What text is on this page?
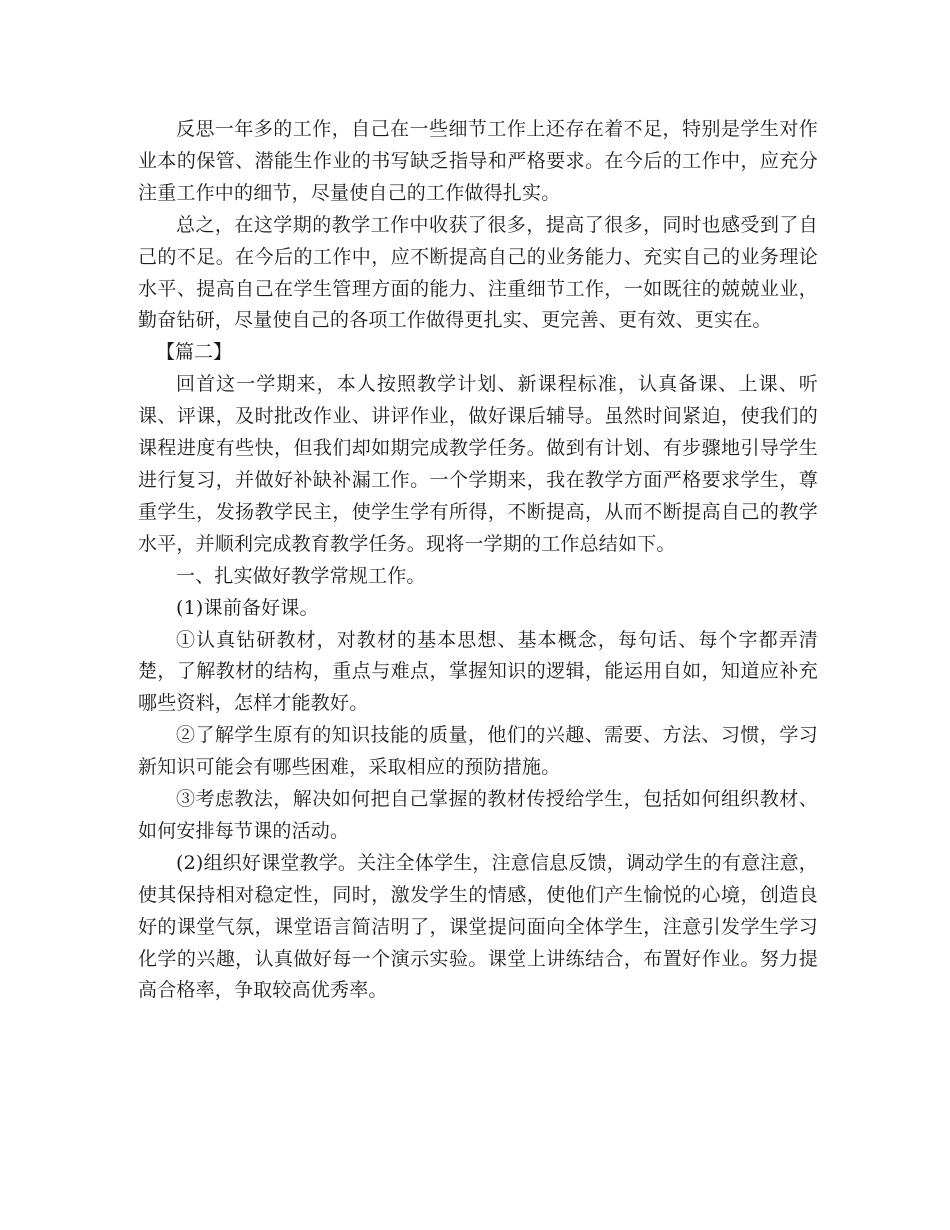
反思一年多的工作，自己在一些细节工作上还存在着不足，特别是学生对作业本的保管、潜能生作业的书写缺乏指导和严格要求。在今后的工作中，应充分注重工作中的细节，尽量使自己的工作做得扎实。

总之，在这学期的教学工作中收获了很多，提高了很多，同时也感受到了自己的不足。在今后的工作中，应不断提高自己的业务能力、充实自己的业务理论水平、提高自己在学生管理方面的能力、注重细节工作，一如既往的兢兢业业，勤奋钻研，尽量使自己的各项工作做得更扎实、更完善、更有效、更实在。

【篇二】

回首这一学期来，本人按照教学计划、新课程标准，认真备课、上课、听课、评课，及时批改作业、讲评作业，做好课后辅导。虽然时间紧迫，使我们的课程进度有些快，但我们却如期完成教学任务。做到有计划、有步骤地引导学生进行复习，并做好补缺补漏工作。一个学期来，我在教学方面严格要求学生，尊重学生，发扬教学民主，使学生学有所得，不断提高，从而不断提高自己的教学水平，并顺利完成教育教学任务。现将一学期的工作总结如下。

一、扎实做好教学常规工作。

(1)课前备好课。

①认真钻研教材，对教材的基本思想、基本概念，每句话、每个字都弄清楚，了解教材的结构，重点与难点，掌握知识的逻辑，能运用自如，知道应补充哪些资料，怎样才能教好。

②了解学生原有的知识技能的质量，他们的兴趣、需要、方法、习惯，学习新知识可能会有哪些困难，采取相应的预防措施。

③考虑教法，解决如何把自己掌握的教材传授给学生，包括如何组织教材、如何安排每节课的活动。

(2)组织好课堂教学。关注全体学生，注意信息反馈，调动学生的有意注意，使其保持相对稳定性，同时，激发学生的情感，使他们产生愉悦的心境，创造良好的课堂气氛，课堂语言简洁明了，课堂提问面向全体学生，注意引发学生学习化学的兴趣，认真做好每一个演示实验。课堂上讲练结合，布置好作业。努力提高合格率，争取较高优秀率。
